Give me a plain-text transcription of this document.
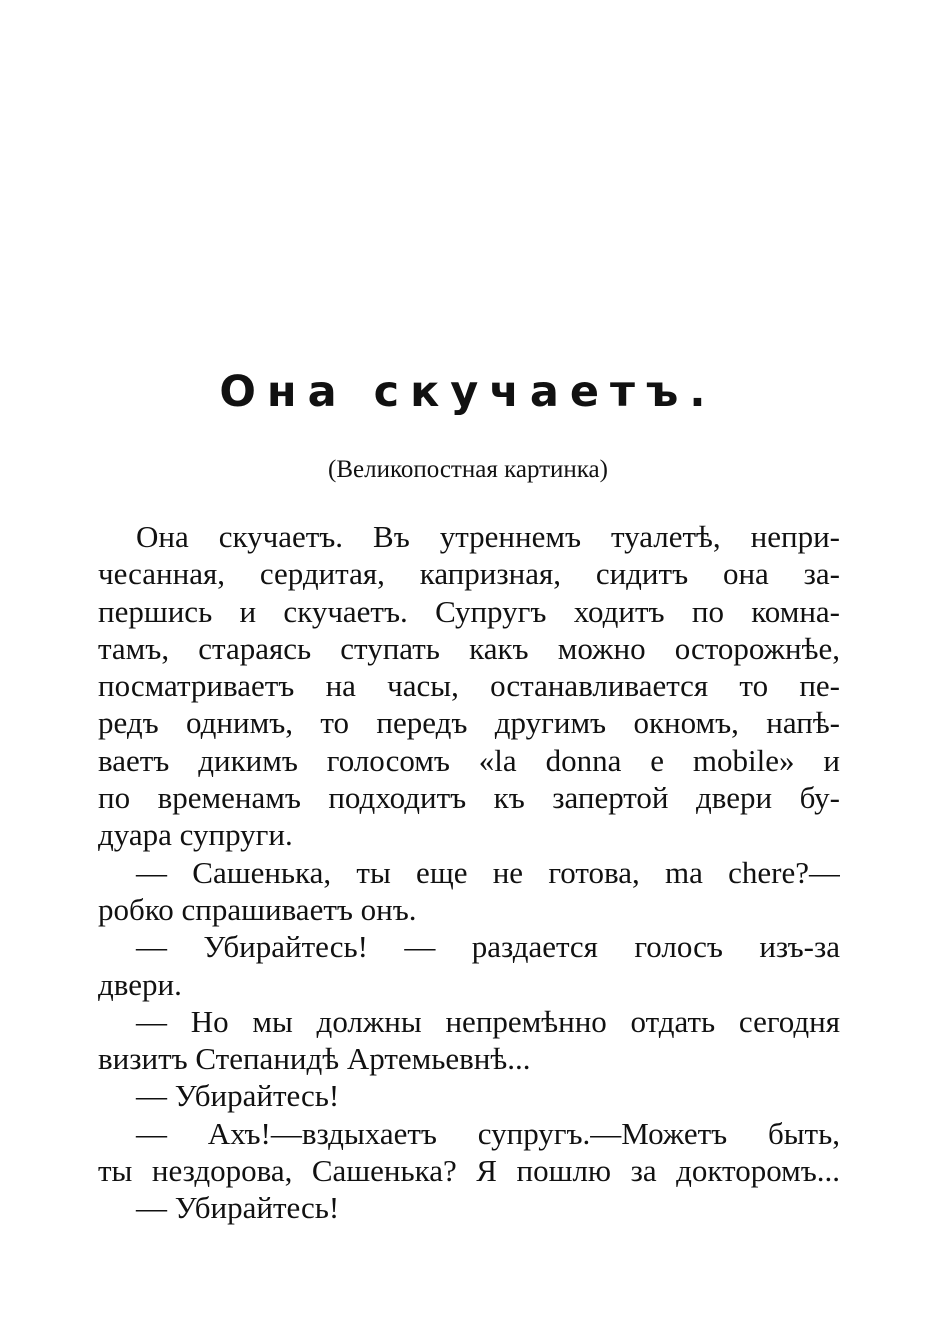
Она скучаетъ.
(Великопостная картинка)
Она скучаетъ. Въ утреннемъ туалетѣ, непри-
чесанная, сердитая, капризная, сидитъ она за-
першись и скучаетъ. Супругъ ходитъ по комна-
тамъ, стараясь ступать какъ можно осторожнѣе,
посматриваетъ на часы, останавливается то пе-
редъ однимъ, то передъ другимъ окномъ, напѣ-
ваетъ дикимъ голосомъ «la donna e mobile» и
по временамъ подходитъ къ запертой двери бу-
дуара супруги.
— Сашенька, ты еще не готова, ma chere?—
робко спрашиваетъ онъ.
— Убирайтесь! — раздается голосъ изъ-за
двери.
— Но мы должны непремѣнно отдать сегодня
визитъ Степанидѣ Артемьевнѣ...
— Убирайтесь!
— Ахъ!—вздыхаетъ супругъ.—Можетъ быть,
ты нездорова, Сашенька? Я пошлю за докторомъ...
— Убирайтесь!
